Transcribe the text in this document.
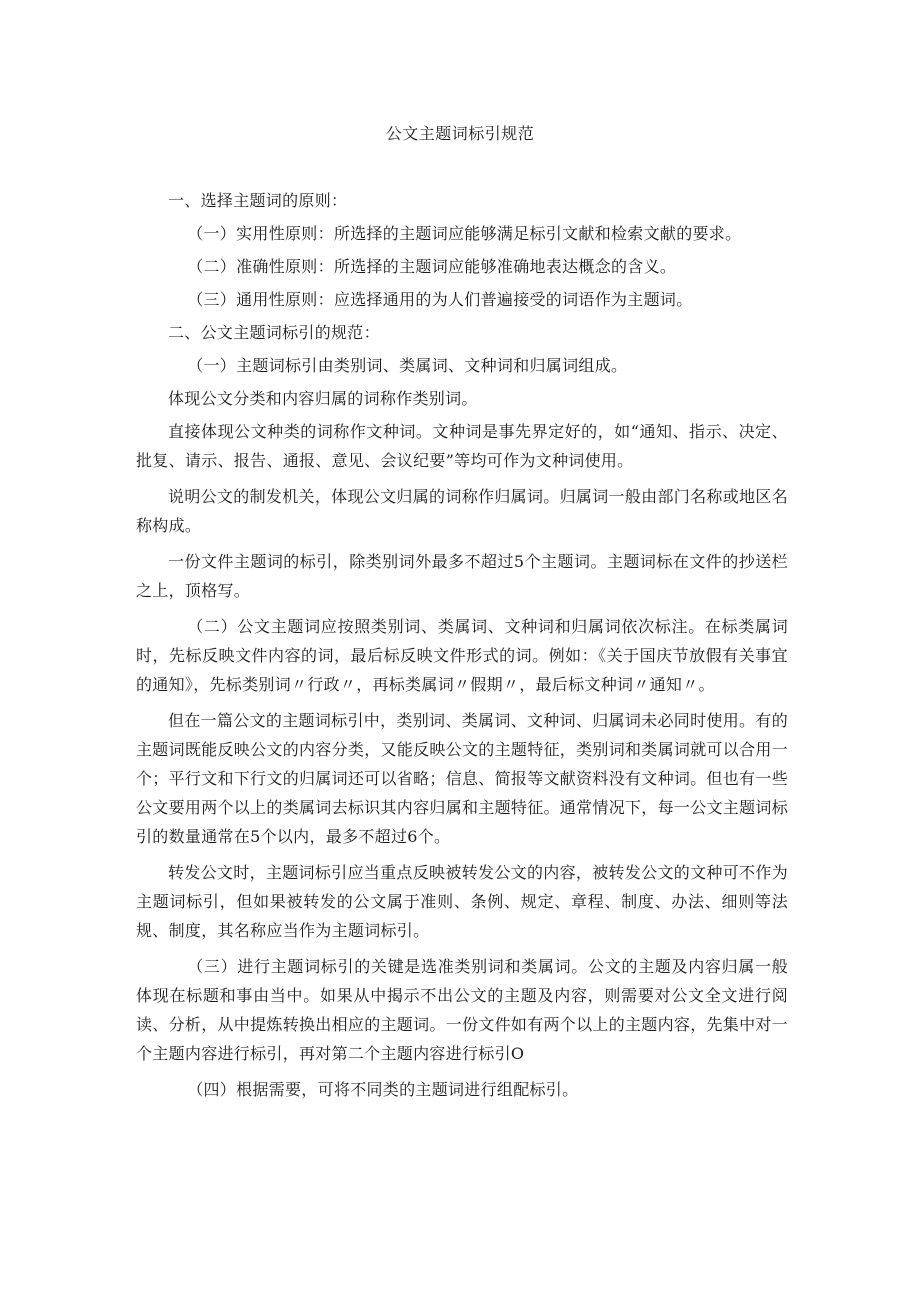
公文主题词标引规范

一、选择主题词的原则：

（一）实用性原则：所选择的主题词应能够满足标引文献和检索文献的要求。

（二）准确性原则：所选择的主题词应能够准确地表达概念的含义。

（三）通用性原则：应选择通用的为人们普遍接受的词语作为主题词。

二、公文主题词标引的规范：

（一）主题词标引由类别词、类属词、文种词和归属词组成。

体现公文分类和内容归属的词称作类别词。

直接体现公文种类的词称作文种词。文种词是事先界定好的，如“通知、指示、决定、批复、请示、报告、通报、意见、会议纪要”等均可作为文种词使用。

说明公文的制发机关，体现公文归属的词称作归属词。归属词一般由部门名称或地区名称构成。

一份文件主题词的标引，除类别词外最多不超过5个主题词。主题词标在文件的抄送栏之上，顶格写。

（二）公文主题词应按照类别词、类属词、文种词和归属词依次标注。在标类属词时，先标反映文件内容的词，最后标反映文件形式的词。例如：《关于国庆节放假有关事宜的通知》，先标类别词〃行政〃，再标类属词〃假期〃，最后标文种词〃通知〃。

但在一篇公文的主题词标引中，类别词、类属词、文种词、归属词未必同时使用。有的主题词既能反映公文的内容分类，又能反映公文的主题特征，类别词和类属词就可以合用一个；平行文和下行文的归属词还可以省略；信息、简报等文献资料没有文种词。但也有一些公文要用两个以上的类属词去标识其内容归属和主题特征。通常情况下，每一公文主题词标引的数量通常在5个以内，最多不超过6个。

转发公文时，主题词标引应当重点反映被转发公文的内容，被转发公文的文种可不作为主题词标引，但如果被转发的公文属于准则、条例、规定、章程、制度、办法、细则等法规、制度，其名称应当作为主题词标引。

（三）进行主题词标引的关键是选准类别词和类属词。公文的主题及内容归属一般体现在标题和事由当中。如果从中揭示不出公文的主题及内容，则需要对公文全文进行阅读、分析，从中提炼转换出相应的主题词。一份文件如有两个以上的主题内容，先集中对一个主题内容进行标引，再对第二个主题内容进行标引O

（四）根据需要，可将不同类的主题词进行组配标引。
